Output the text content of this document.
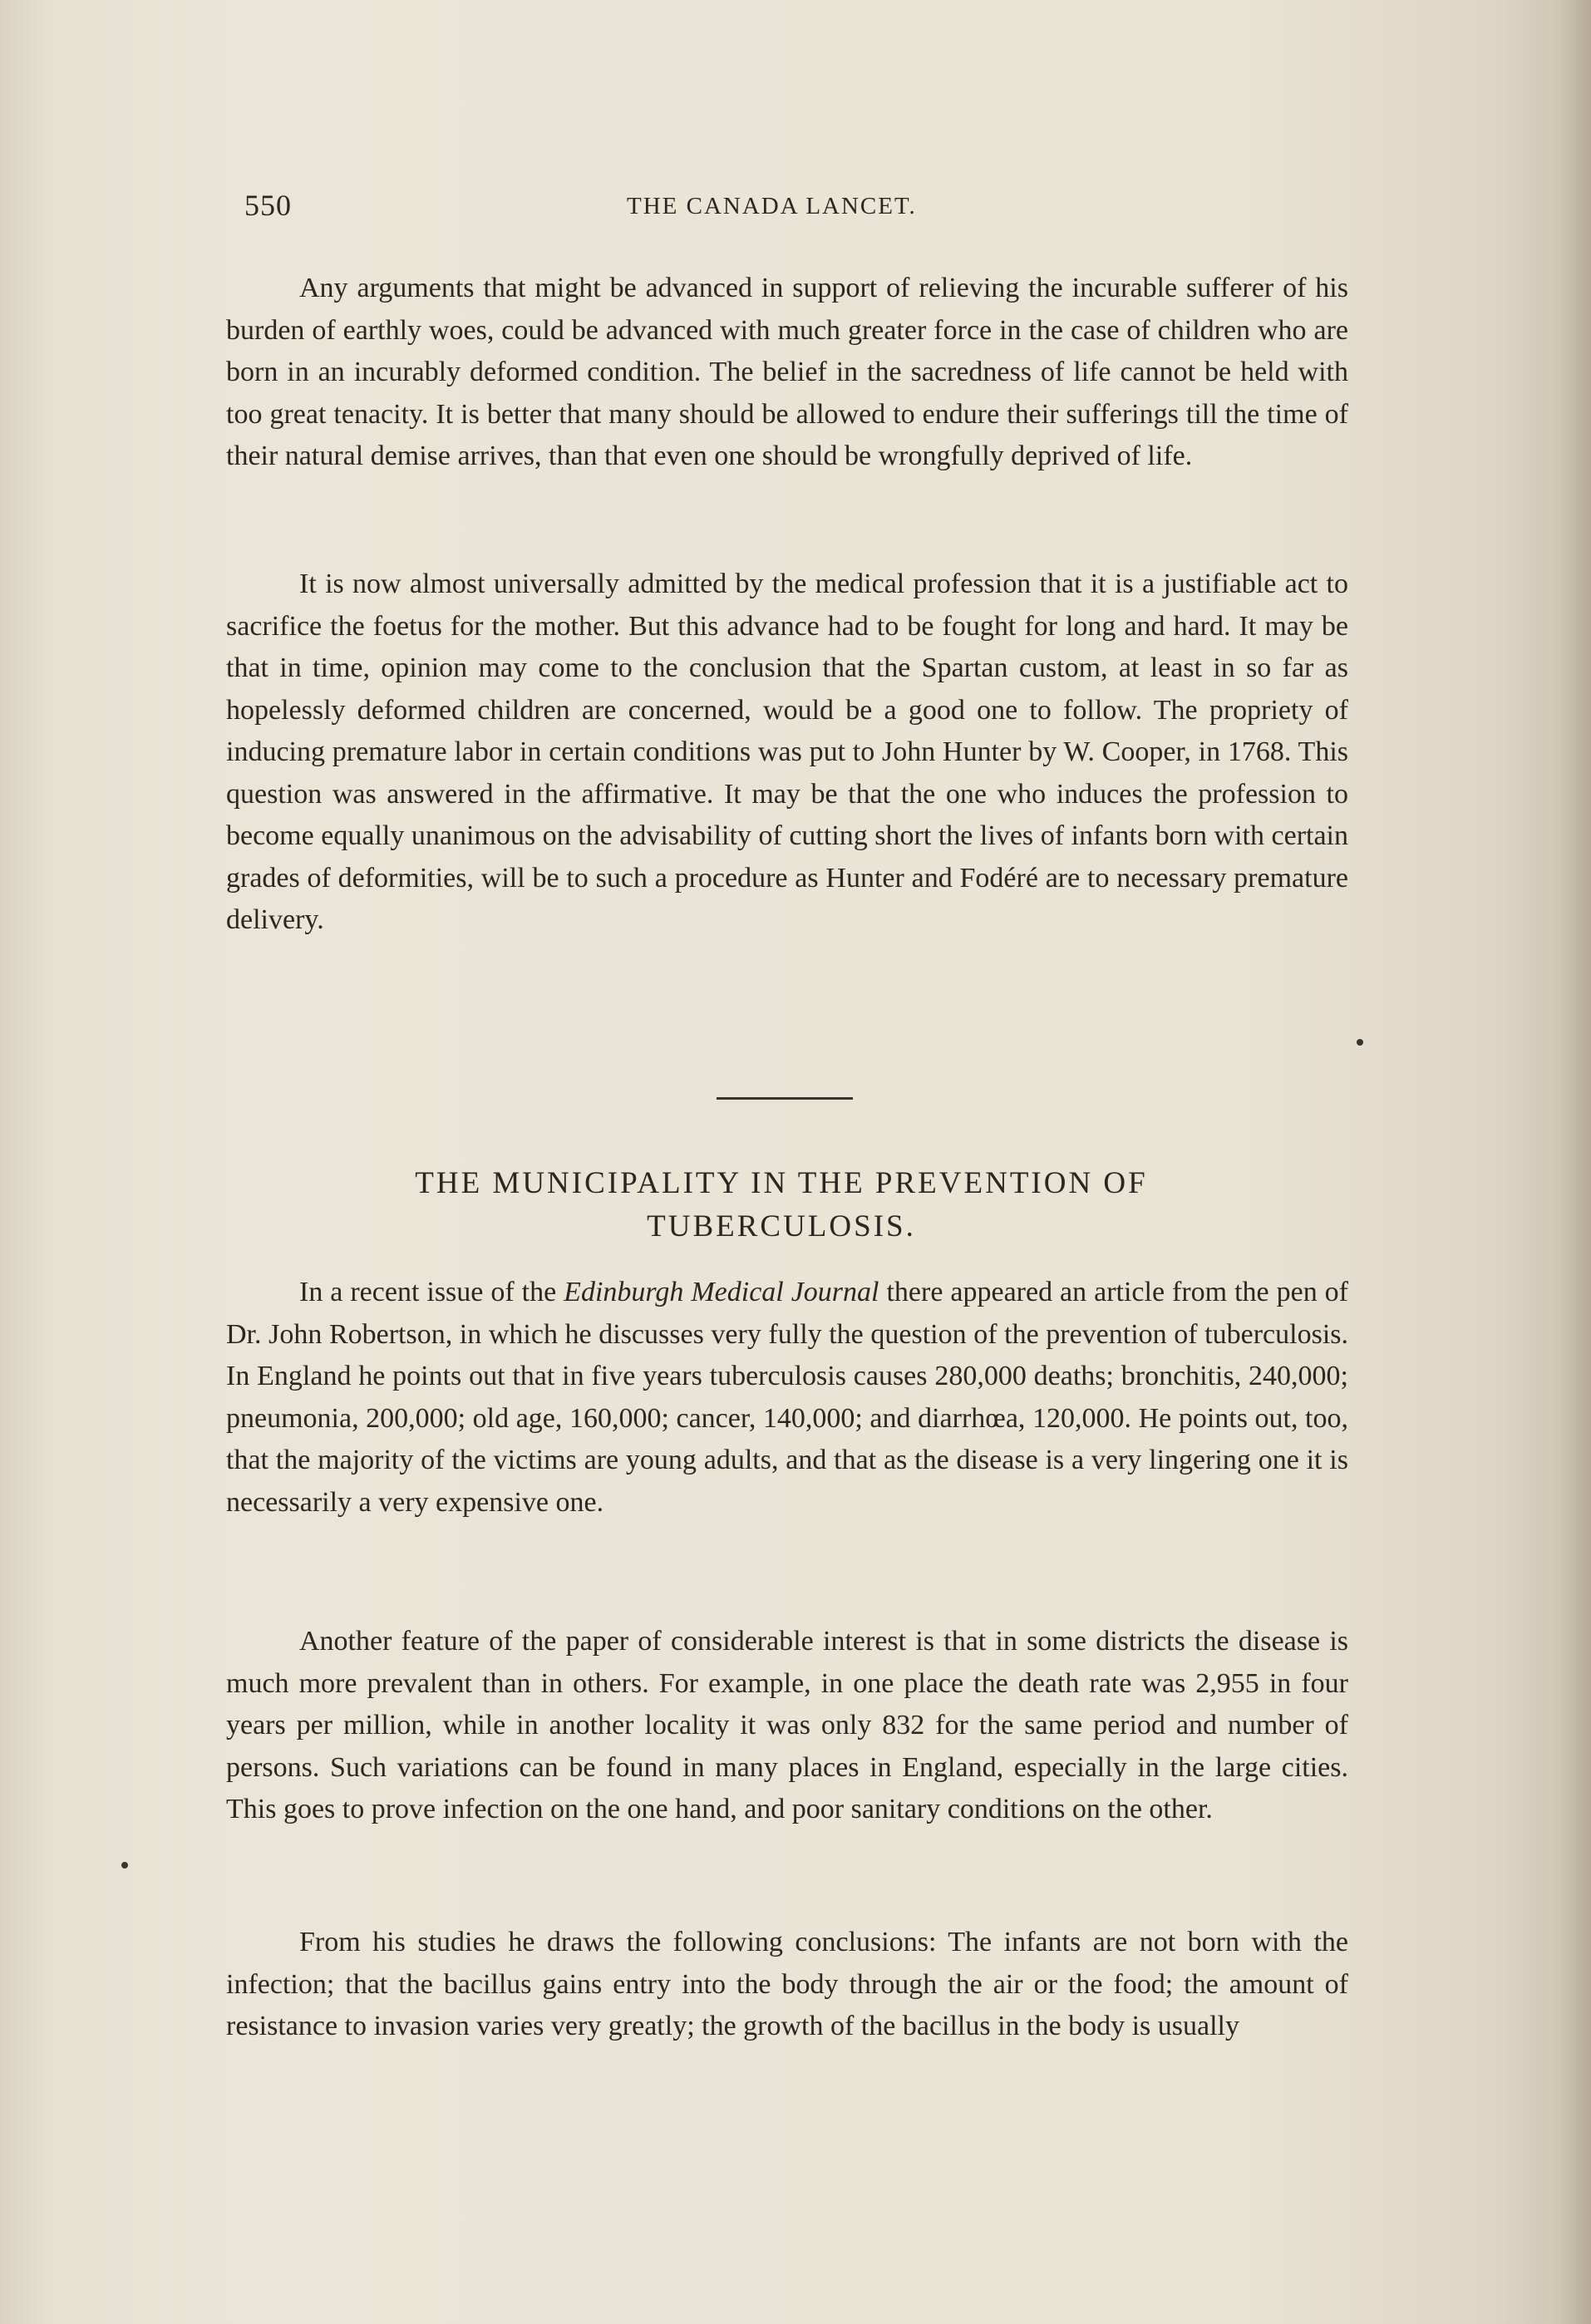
550	THE CANADA LANCET.

Any arguments that might be advanced in support of relieving the incurable sufferer of his burden of earthly woes, could be advanced with much greater force in the case of children who are born in an incurably deformed condition. The belief in the sacredness of life cannot be held with too great tenacity. It is better that many should be allowed to endure their sufferings till the time of their natural demise arrives, than that even one should be wrongfully deprived of life.

It is now almost universally admitted by the medical profession that it is a justifiable act to sacrifice the foetus for the mother. But this advance had to be fought for long and hard. It may be that in time, opinion may come to the conclusion that the Spartan custom, at least in so far as hopelessly deformed children are concerned, would be a good one to follow. The propriety of inducing premature labor in certain conditions was put to John Hunter by W. Cooper, in 1768. This question was answered in the affirmative. It may be that the one who induces the profession to become equally unanimous on the advisability of cutting short the lives of infants born with certain grades of deformities, will be to such a procedure as Hunter and Fodéré are to necessary premature delivery.

THE MUNICIPALITY IN THE PREVENTION OF
TUBERCULOSIS.

In a recent issue of the Edinburgh Medical Journal there appeared an article from the pen of Dr. John Robertson, in which he discusses very fully the question of the prevention of tuberculosis. In England he points out that in five years tuberculosis causes 280,000 deaths; bronchitis, 240,000; pneumonia, 200,000; old age, 160,000; cancer, 140,000; and diarrhœa, 120,000. He points out, too, that the majority of the victims are young adults, and that as the disease is a very lingering one it is necessarily a very expensive one.

Another feature of the paper of considerable interest is that in some districts the disease is much more prevalent than in others. For example, in one place the death rate was 2,955 in four years per million, while in another locality it was only 832 for the same period and number of persons. Such variations can be found in many places in England, especially in the large cities. This goes to prove infection on the one hand, and poor sanitary conditions on the other.

From his studies he draws the following conclusions: The infants are not born with the infection; that the bacillus gains entry into the body through the air or the food; the amount of resistance to invasion varies very greatly; the growth of the bacillus in the body is usually
